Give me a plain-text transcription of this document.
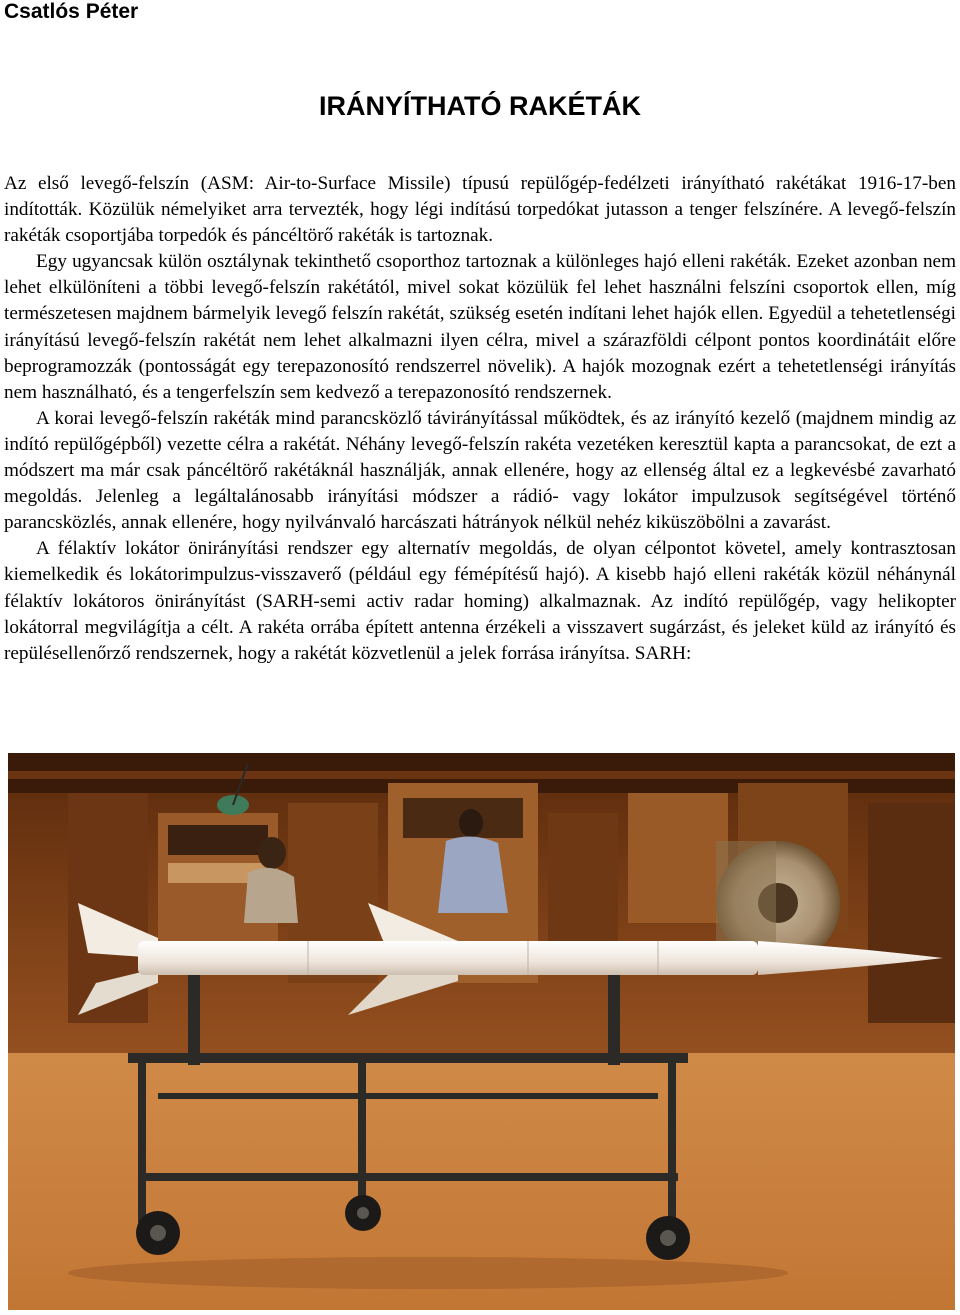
Csatlós Péter
IRÁNYÍTHATÓ RAKÉTÁK

Az első levegő-felszín (ASM: Air-to-Surface Missile) típusú repülőgép-fedélzeti irányítható rakétákat 1916-17-ben indították. Közülük némelyiket arra tervezték, hogy légi indítású torpedókat jutasson a tenger felszínére. A levegő-felszín rakéták csoportjába torpedók és páncéltörő rakéták is tartoznak.

Egy ugyancsak külön osztálynak tekinthető csoporthoz tartoznak a különleges hajó elleni rakéták. Ezeket azonban nem lehet elkülöníteni a többi levegő-felszín rakétától, mivel sokat közülük fel lehet használni felszíni csoportok ellen, míg természetesen majdnem bármelyik levegő felszín rakétát, szükség esetén indítani lehet hajók ellen. Egyedül a tehetetlenségi irányítású levegő-felszín rakétát nem lehet alkalmazni ilyen célra, mivel a szárazföldi célpont pontos koordinátáit előre beprogramozzák (pontosságát egy terepazonosító rendszerrel növelik). A hajók mozognak ezért a tehetetlenségi irányítás nem használható, és a tengerfelszín sem kedvező a terepazonosító rendszernek.

A korai levegő-felszín rakéták mind parancsközlő távirányítással működtek, és az irányító kezelő (majdnem mindig az indító repülőgépből) vezette célra a rakétát. Néhány levegő-felszín rakéta vezetéken keresztül kapta a parancsokat, de ezt a módszert ma már csak páncéltörő rakétáknál használják, annak ellenére, hogy az ellenség által ez a legkevésbé zavarható megoldás. Jelenleg a legáltalánosabb irányítási módszer a rádió- vagy lokátor impulzusok segítségével történő parancsközlés, annak ellenére, hogy nyilvánvaló harcászati hátrányok nélkül nehéz kiküszöbölni a zavarást.

A félaktív lokátor önirányítási rendszer egy alternatív megoldás, de olyan célpontot követel, amely kontrasztosan kiemelkedik és lokátorimpulzus-visszaverő (például egy fémépítésű hajó). A kisebb hajó elleni rakéták közül néhánynál félaktív lokátoros önirányítást (SARH-semi activ radar homing) alkalmaznak. Az indító repülőgép, vagy helikopter lokátorral megvilágítja a célt. A rakéta orrába épített antenna érzékeli a visszavert sugárzást, és jeleket küld az irányító és repülésellenőrző rendszernek, hogy a rakétát közvetlenül a jelek forrása irányítsa. SARH:
